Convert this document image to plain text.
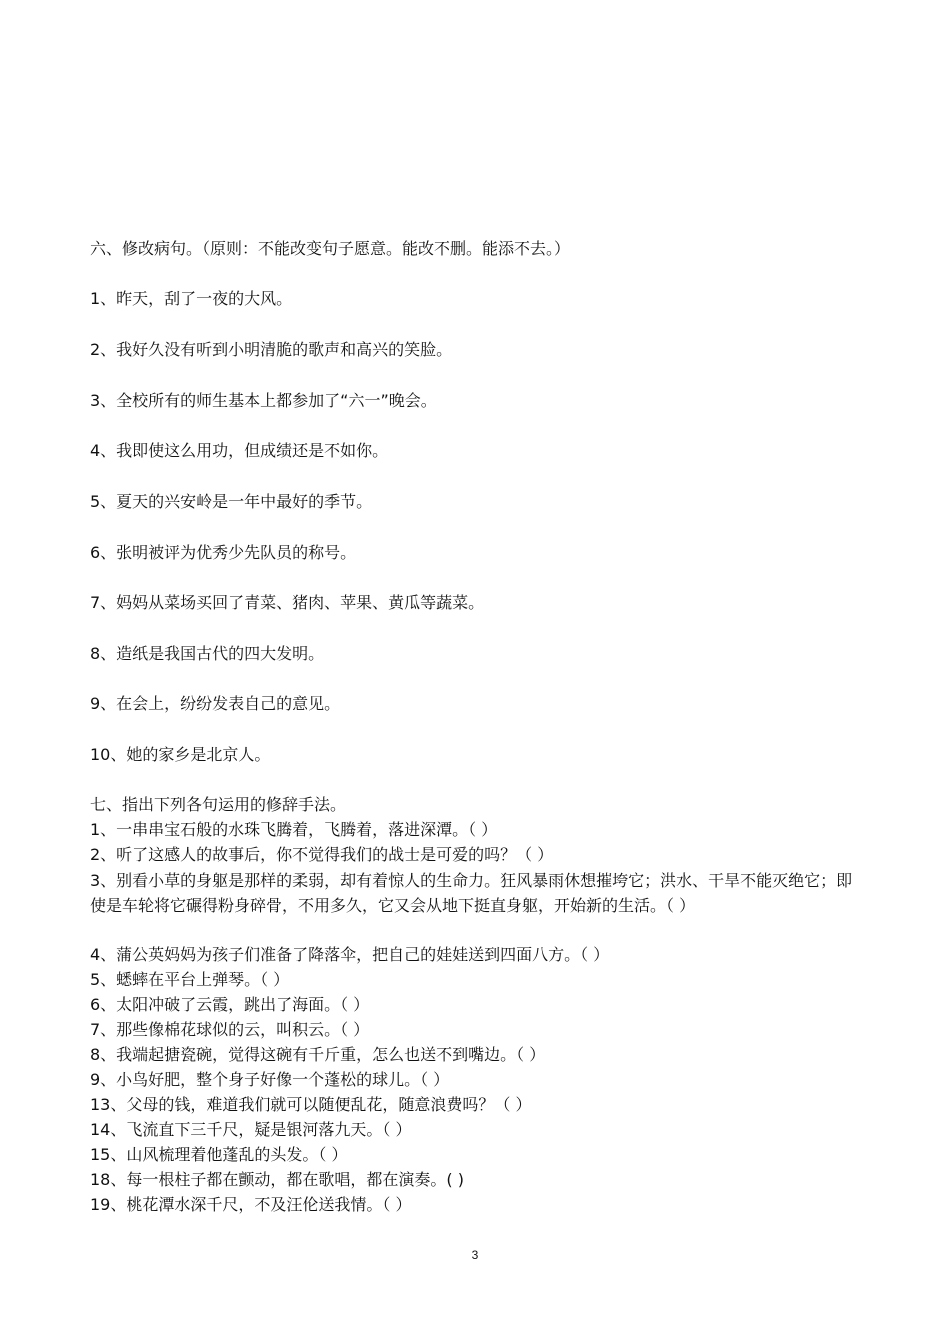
六、修改病句。（原则：不能改变句子愿意。能改不删。能添不去。）
1、昨天，刮了一夜的大风。
2、我好久没有听到小明清脆的歌声和高兴的笑脸。
3、全校所有的师生基本上都参加了“六一”晚会。
4、我即使这么用功，但成绩还是不如你。
5、夏天的兴安岭是一年中最好的季节。
6、张明被评为优秀少先队员的称号。
7、妈妈从菜场买回了青菜、猪肉、苹果、黄瓜等蔬菜。
8、造纸是我国古代的四大发明。
9、在会上，纷纷发表自己的意见。
10、她的家乡是北京人。
七、指出下列各句运用的修辞手法。
1、一串串宝石般的水珠飞腾着，飞腾着，落进深潭。（ ）
2、听了这感人的故事后，你不觉得我们的战士是可爱的吗？（ ）
3、别看小草的身躯是那样的柔弱，却有着惊人的生命力。狂风暴雨休想摧垮它；洪水、干旱不能灭绝它；即使是车轮将它碾得粉身碎骨，不用多久，它又会从地下挺直身躯，开始新的生活。（ ）
4、蒲公英妈妈为孩子们准备了降落伞，把自己的娃娃送到四面八方。（ ）
5、蟋蟀在平台上弹琴。（ ）
6、太阳冲破了云霞，跳出了海面。（ ）
7、那些像棉花球似的云，叫积云。（ ）
8、我端起搪瓷碗，觉得这碗有千斤重，怎么也送不到嘴边。（ ）
9、小鸟好肥，整个身子好像一个蓬松的球儿。（ ）
13、父母的钱，难道我们就可以随便乱花，随意浪费吗？（ ）
14、飞流直下三千尺，疑是银河落九天。（ ）
15、山风梳理着他蓬乱的头发。（ ）
18、每一根柱子都在颤动，都在歌唱，都在演奏。( )
19、桃花潭水深千尺，不及汪伦送我情。（ ）
3
